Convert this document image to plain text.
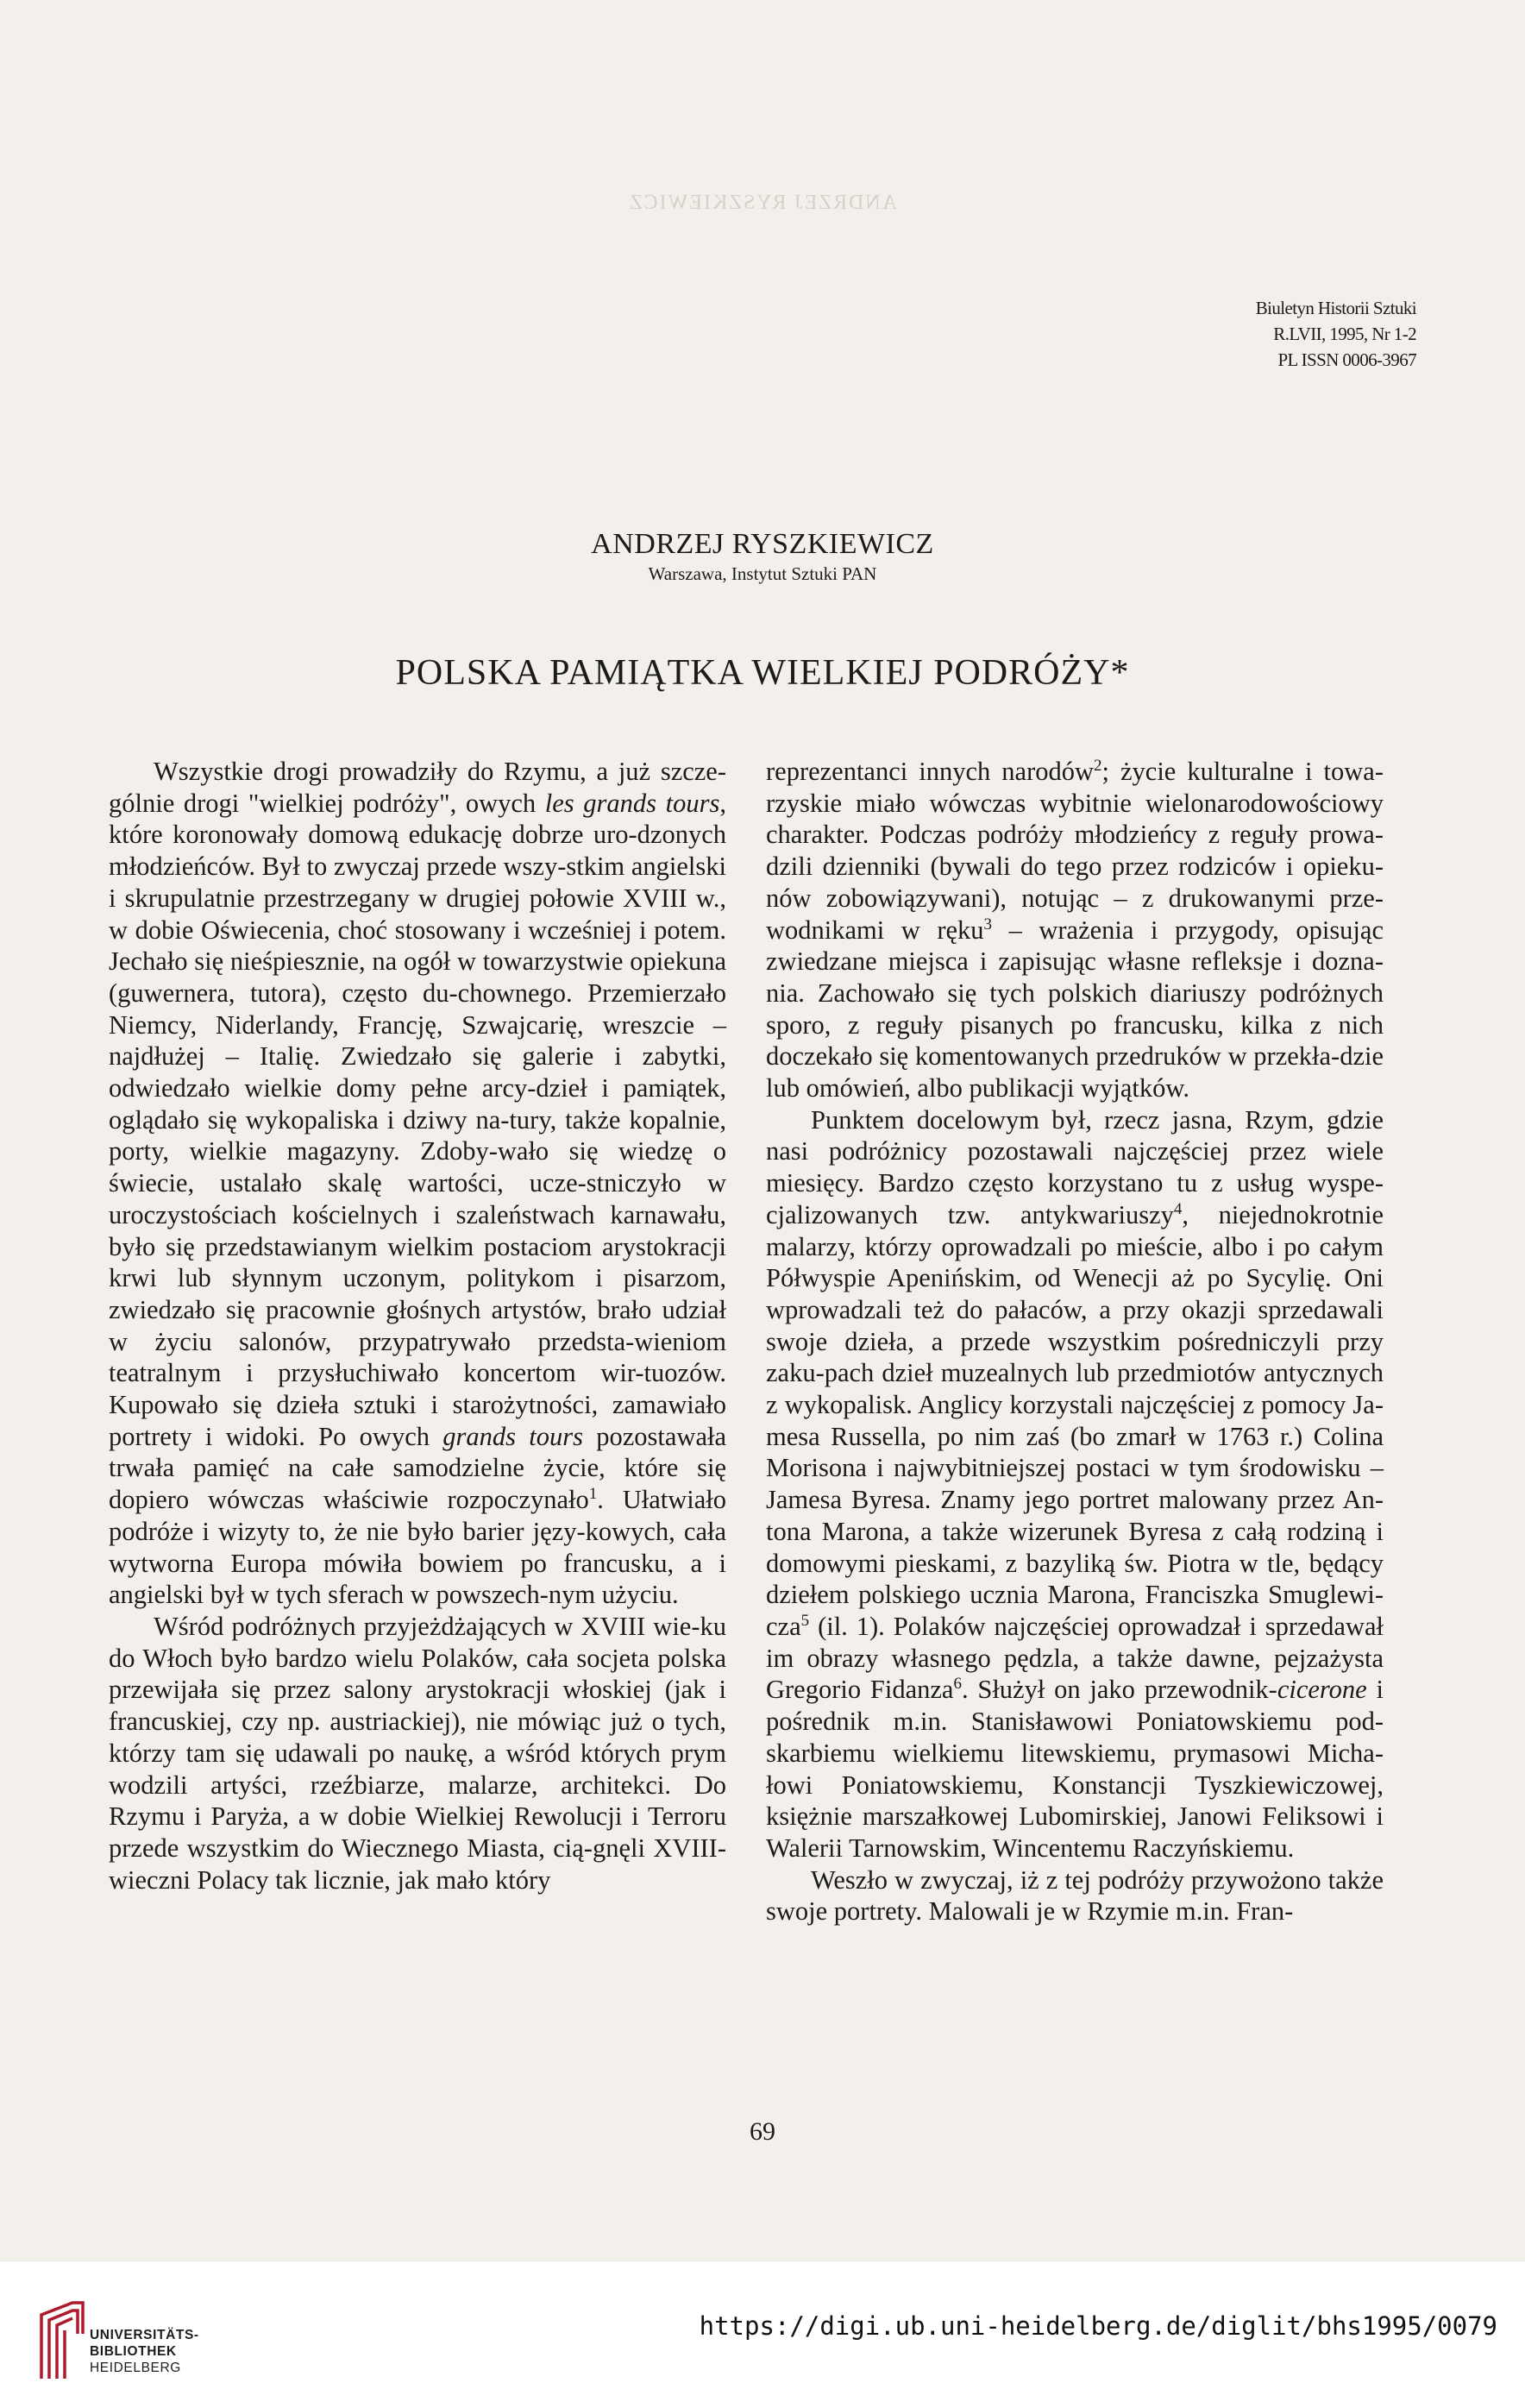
ANDRZEJ RYSZKIEWICZ
Biuletyn Historii Sztuki
R.LVII, 1995, Nr 1-2
PL ISSN 0006-3967
ANDRZEJ RYSZKIEWICZ
Warszawa, Instytut Sztuki PAN
POLSKA PAMIĄTKA WIELKIEJ PODRÓŻY*

Wszystkie drogi prowadziły do Rzymu, a już szcze-gólnie drogi "wielkiej podróży", owych les grands tours, które koronowały domową edukację dobrze uro-dzonych młodzieńców. Był to zwyczaj przede wszy-stkim angielski i skrupulatnie przestrzegany w drugiej połowie XVIII w., w dobie Oświecenia, choć stosowany i wcześniej i potem. Jechało się nieśpiesznie, na ogół w towarzystwie opiekuna (guwernera, tutora), często du-chownego. Przemierzało Niemcy, Niderlandy, Francję, Szwajcarię, wreszcie – najdłużej – Italię. Zwiedzało się galerie i zabytki, odwiedzało wielkie domy pełne arcy-dzieł i pamiątek, oglądało się wykopaliska i dziwy na-tury, także kopalnie, porty, wielkie magazyny. Zdoby-wało się wiedzę o świecie, ustalało skalę wartości, ucze-stniczyło w uroczystościach kościelnych i szaleństwach karnawału, było się przedstawianym wielkim postaciom arystokracji krwi lub słynnym uczonym, politykom i pisarzom, zwiedzało się pracownie głośnych artystów, brało udział w życiu salonów, przypatrywało przedsta-wieniom teatralnym i przysłuchiwało koncertom wir-tuozów. Kupowało się dzieła sztuki i starożytności, zamawiało portrety i widoki. Po owych grands tours pozostawała trwała pamięć na całe samodzielne życie, które się dopiero wówczas właściwie rozpoczynało$^1$. Ułatwiało podróże i wizyty to, że nie było barier języ-kowych, cała wytworna Europa mówiła bowiem po francusku, a i angielski był w tych sferach w powszech-nym użyciu.

Wśród podróżnych przyjeżdżających w XVIII wie-ku do Włoch było bardzo wielu Polaków, cała socjeta polska przewijała się przez salony arystokracji włoskiej (jak i francuskiej, czy np. austriackiej), nie mówiąc już o tych, którzy tam się udawali po naukę, a wśród których prym wodzili artyści, rzeźbiarze, malarze, architekci. Do Rzymu i Paryża, a w dobie Wielkiej Rewolucji i Terroru przede wszystkim do Wiecznego Miasta, cią-gnęli XVIII-wieczni Polacy tak licznie, jak mało który

reprezentanci innych narodów$^2$; życie kulturalne i towa-rzyskie miało wówczas wybitnie wielonarodowościowy charakter. Podczas podróży młodzieńcy z reguły prowa-dzili dzienniki (bywali do tego przez rodziców i opieku-nów zobowiązywani), notując – z drukowanymi prze-wodnikami w ręku$^3$ – wrażenia i przygody, opisując zwiedzane miejsca i zapisując własne refleksje i dozna-nia. Zachowało się tych polskich diariuszy podróżnych sporo, z reguły pisanych po francusku, kilka z nich doczekało się komentowanych przedruków w przekła-dzie lub omówień, albo publikacji wyjątków.

Punktem docelowym był, rzecz jasna, Rzym, gdzie nasi podróżnicy pozostawali najczęściej przez wiele miesięcy. Bardzo często korzystano tu z usług wyspe-cjalizowanych tzw. antykwariuszy$^4$, niejednokrotnie malarzy, którzy oprowadzali po mieście, albo i po całym Półwyspie Apenińskim, od Wenecji aż po Sycylię. Oni wprowadzali też do pałaców, a przy okazji sprzedawali swoje dzieła, a przede wszystkim pośredniczyli przy zaku-pach dzieł muzealnych lub przedmiotów antycznych z wykopalisk. Anglicy korzystali najczęściej z pomocy Ja-mesa Russella, po nim zaś (bo zmarł w 1763 r.) Colina Morisona i najwybitniejszej postaci w tym środowisku – Jamesa Byresa. Znamy jego portret malowany przez An-tona Marona, a także wizerunek Byresa z całą rodziną i domowymi pieskami, z bazyliką św. Piotra w tle, będący dziełem polskiego ucznia Marona, Franciszka Smuglewi-cza$^5$ (il. 1). Polaków najczęściej oprowadzał i sprzedawał im obrazy własnego pędzla, a także dawne, pejzażysta Gregorio Fidanza$^6$. Służył on jako przewodnik-cicerone i pośrednik m.in. Stanisławowi Poniatowskiemu pod-skarbiemu wielkiemu litewskiemu, prymasowi Micha-łowi Poniatowskiemu, Konstancji Tyszkiewiczowej, księżnie marszałkowej Lubomirskiej, Janowi Feliksowi i Walerii Tarnowskim, Wincentemu Raczyńskiemu.

Weszło w zwyczaj, iż z tej podróży przywożono także swoje portrety. Malowali je w Rzymie m.in. Fran-

69
UNIVERSITÄTS-
BIBLIOTHEK
HEIDELBERG
https://digi.ub.uni-heidelberg.de/diglit/bhs1995/0079
